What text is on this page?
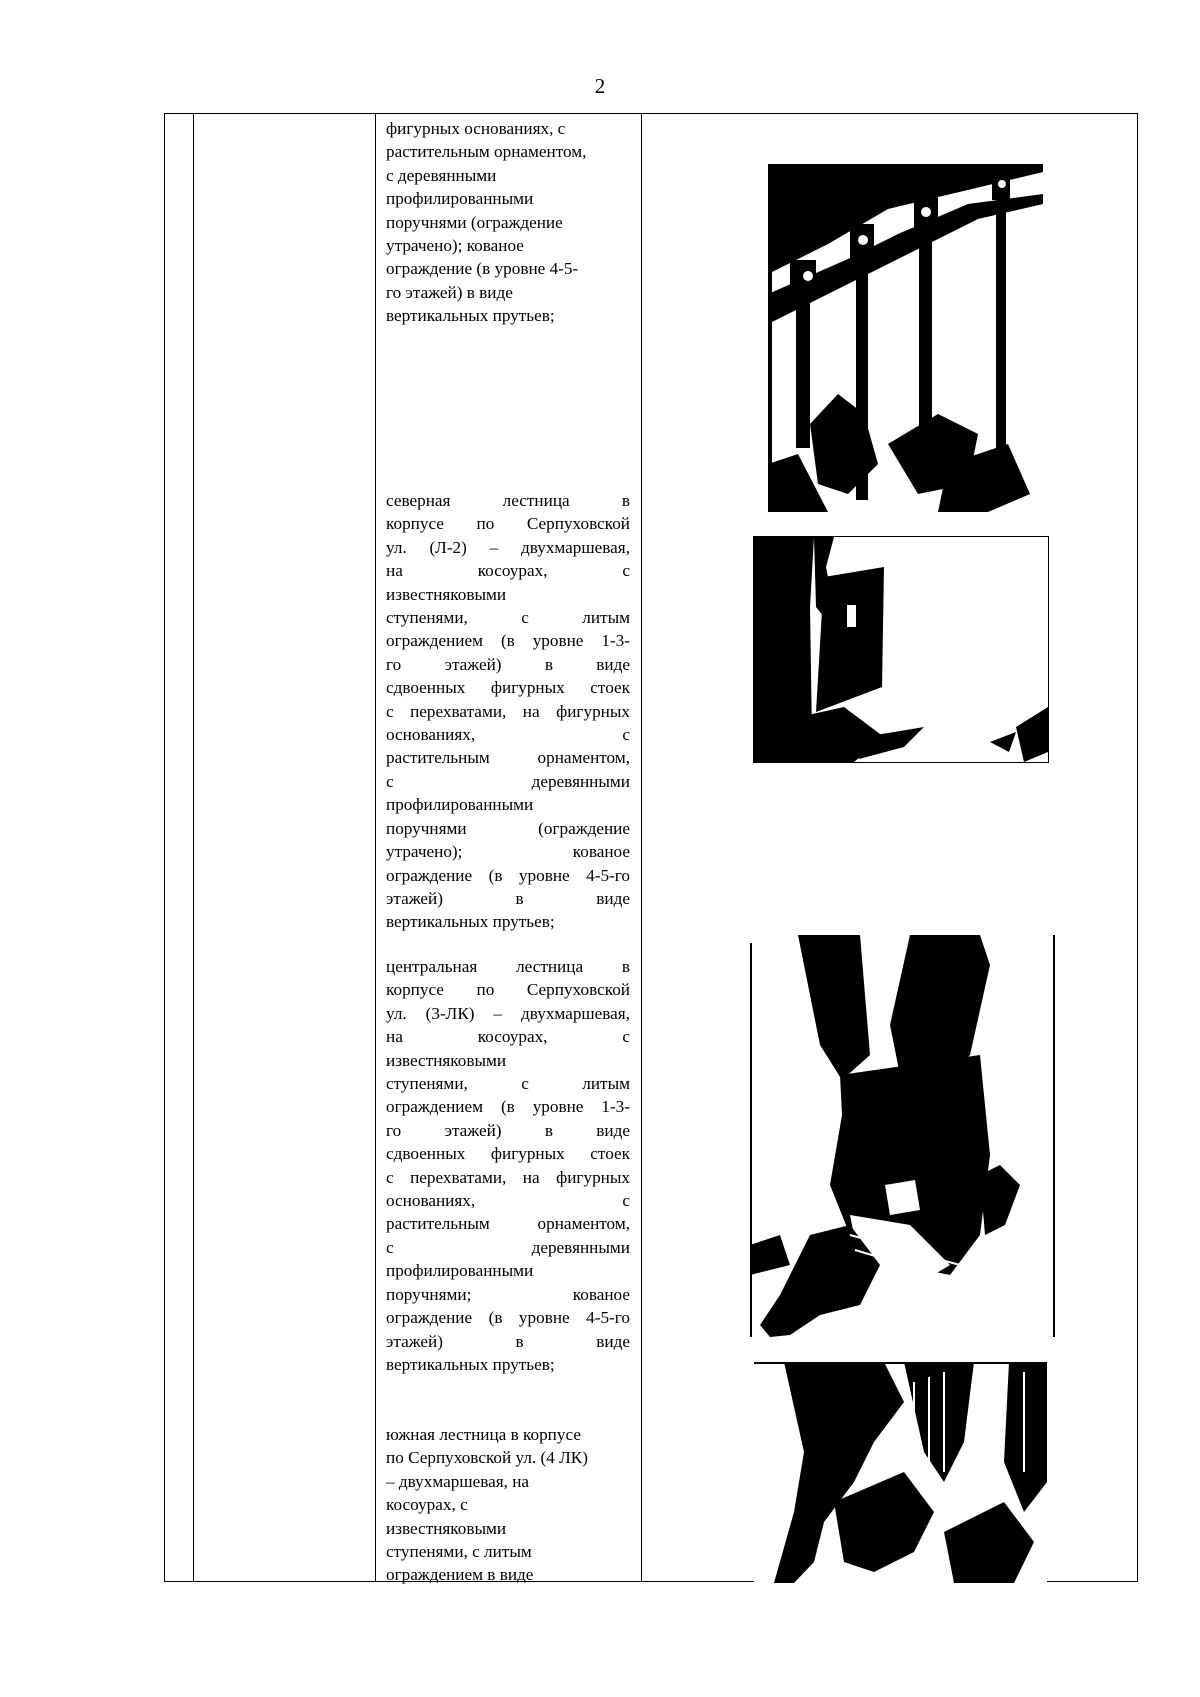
2
фигурных основаниях, с
растительным орнаментом,
с деревянными
профилированными
поручнями (ограждение
утрачено); кованое
ограждение (в уровне 4-5-
го этажей) в виде
вертикальных прутьев;
северная лестница в
корпусе по Серпуховской
ул. (Л-2) – двухмаршевая,
на косоурах, с
известняковыми
ступенями, с литым
ограждением (в уровне 1-3-
го этажей) в виде
сдвоенных фигурных стоек
с перехватами, на фигурных
основаниях, с
растительным орнаментом,
с деревянными
профилированными
поручнями (ограждение
утрачено); кованое
ограждение (в уровне 4-5-го
этажей) в виде
вертикальных прутьев;
центральная лестница в
корпусе по Серпуховской
ул. (3-ЛК) – двухмаршевая,
на косоурах, с
известняковыми
ступенями, с литым
ограждением (в уровне 1-3-
го этажей) в виде
сдвоенных фигурных стоек
с перехватами, на фигурных
основаниях, с
растительным орнаментом,
с деревянными
профилированными
поручнями; кованое
ограждение (в уровне 4-5-го
этажей) в виде
вертикальных прутьев;
южная лестница в корпусе
по Серпуховской ул. (4 ЛК)
– двухмаршевая, на
косоурах, с
известняковыми
ступенями, с литым
ограждением в виде
